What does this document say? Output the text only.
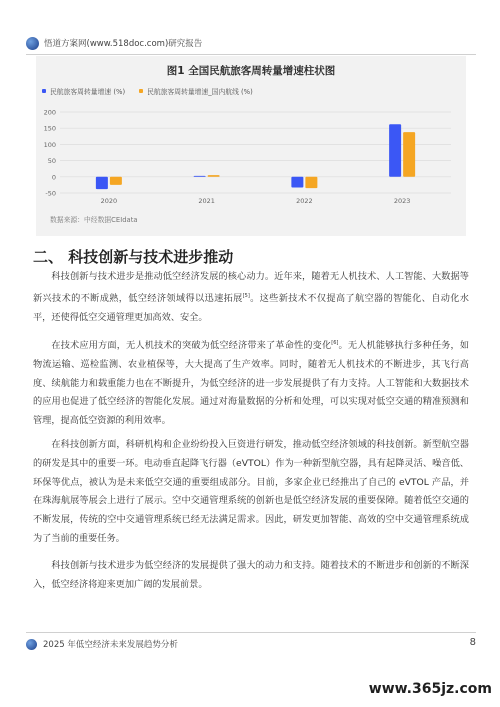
悟道方案网(www.518doc.com)研究报告
图1 全国民航旅客周转量增速柱状图
民航旅客周转量增速 (%)	民航旅客周转量增速_国内航线 (%)
-50
0
50
100
150
200
2020	2021	2022	2023
数据来源：中经数据CEIdata
二、 科技创新与技术进步推动

科技创新与技术进步是推动低空经济发展的核心动力。近年来，随着无人机技术、人工智能、大数据等新兴技术的不断成熟，低空经济领域得以迅速拓展[5]。这些新技术不仅提高了航空器的智能化、自动化水平，还使得低空交通管理更加高效、安全。

在技术应用方面，无人机技术的突破为低空经济带来了革命性的变化[6]。无人机能够执行多种任务，如物流运输、巡检监测、农业植保等，大大提高了生产效率。同时，随着无人机技术的不断进步，其飞行高度、续航能力和载重能力也在不断提升，为低空经济的进一步发展提供了有力支持。人工智能和大数据技术的应用也促进了低空经济的智能化发展。通过对海量数据的分析和处理，可以实现对低空交通的精准预测和管理，提高低空资源的利用效率。

在科技创新方面，科研机构和企业纷纷投入巨资进行研发，推动低空经济领域的科技创新。新型航空器的研发是其中的重要一环。电动垂直起降飞行器（eVTOL）作为一种新型航空器，具有起降灵活、噪音低、环保等优点，被认为是未来低空交通的重要组成部分。目前，多家企业已经推出了自己的 eVTOL 产品，并在珠海航展等展会上进行了展示。空中交通管理系统的创新也是低空经济发展的重要保障。随着低空交通的不断发展，传统的空中交通管理系统已经无法满足需求。因此，研发更加智能、高效的空中交通管理系统成为了当前的重要任务。

科技创新与技术进步为低空经济的发展提供了强大的动力和支持。随着技术的不断进步和创新的不断深入，低空经济将迎来更加广阔的发展前景。

2025 年低空经济未来发展趋势分析	8
www.365jz.com
